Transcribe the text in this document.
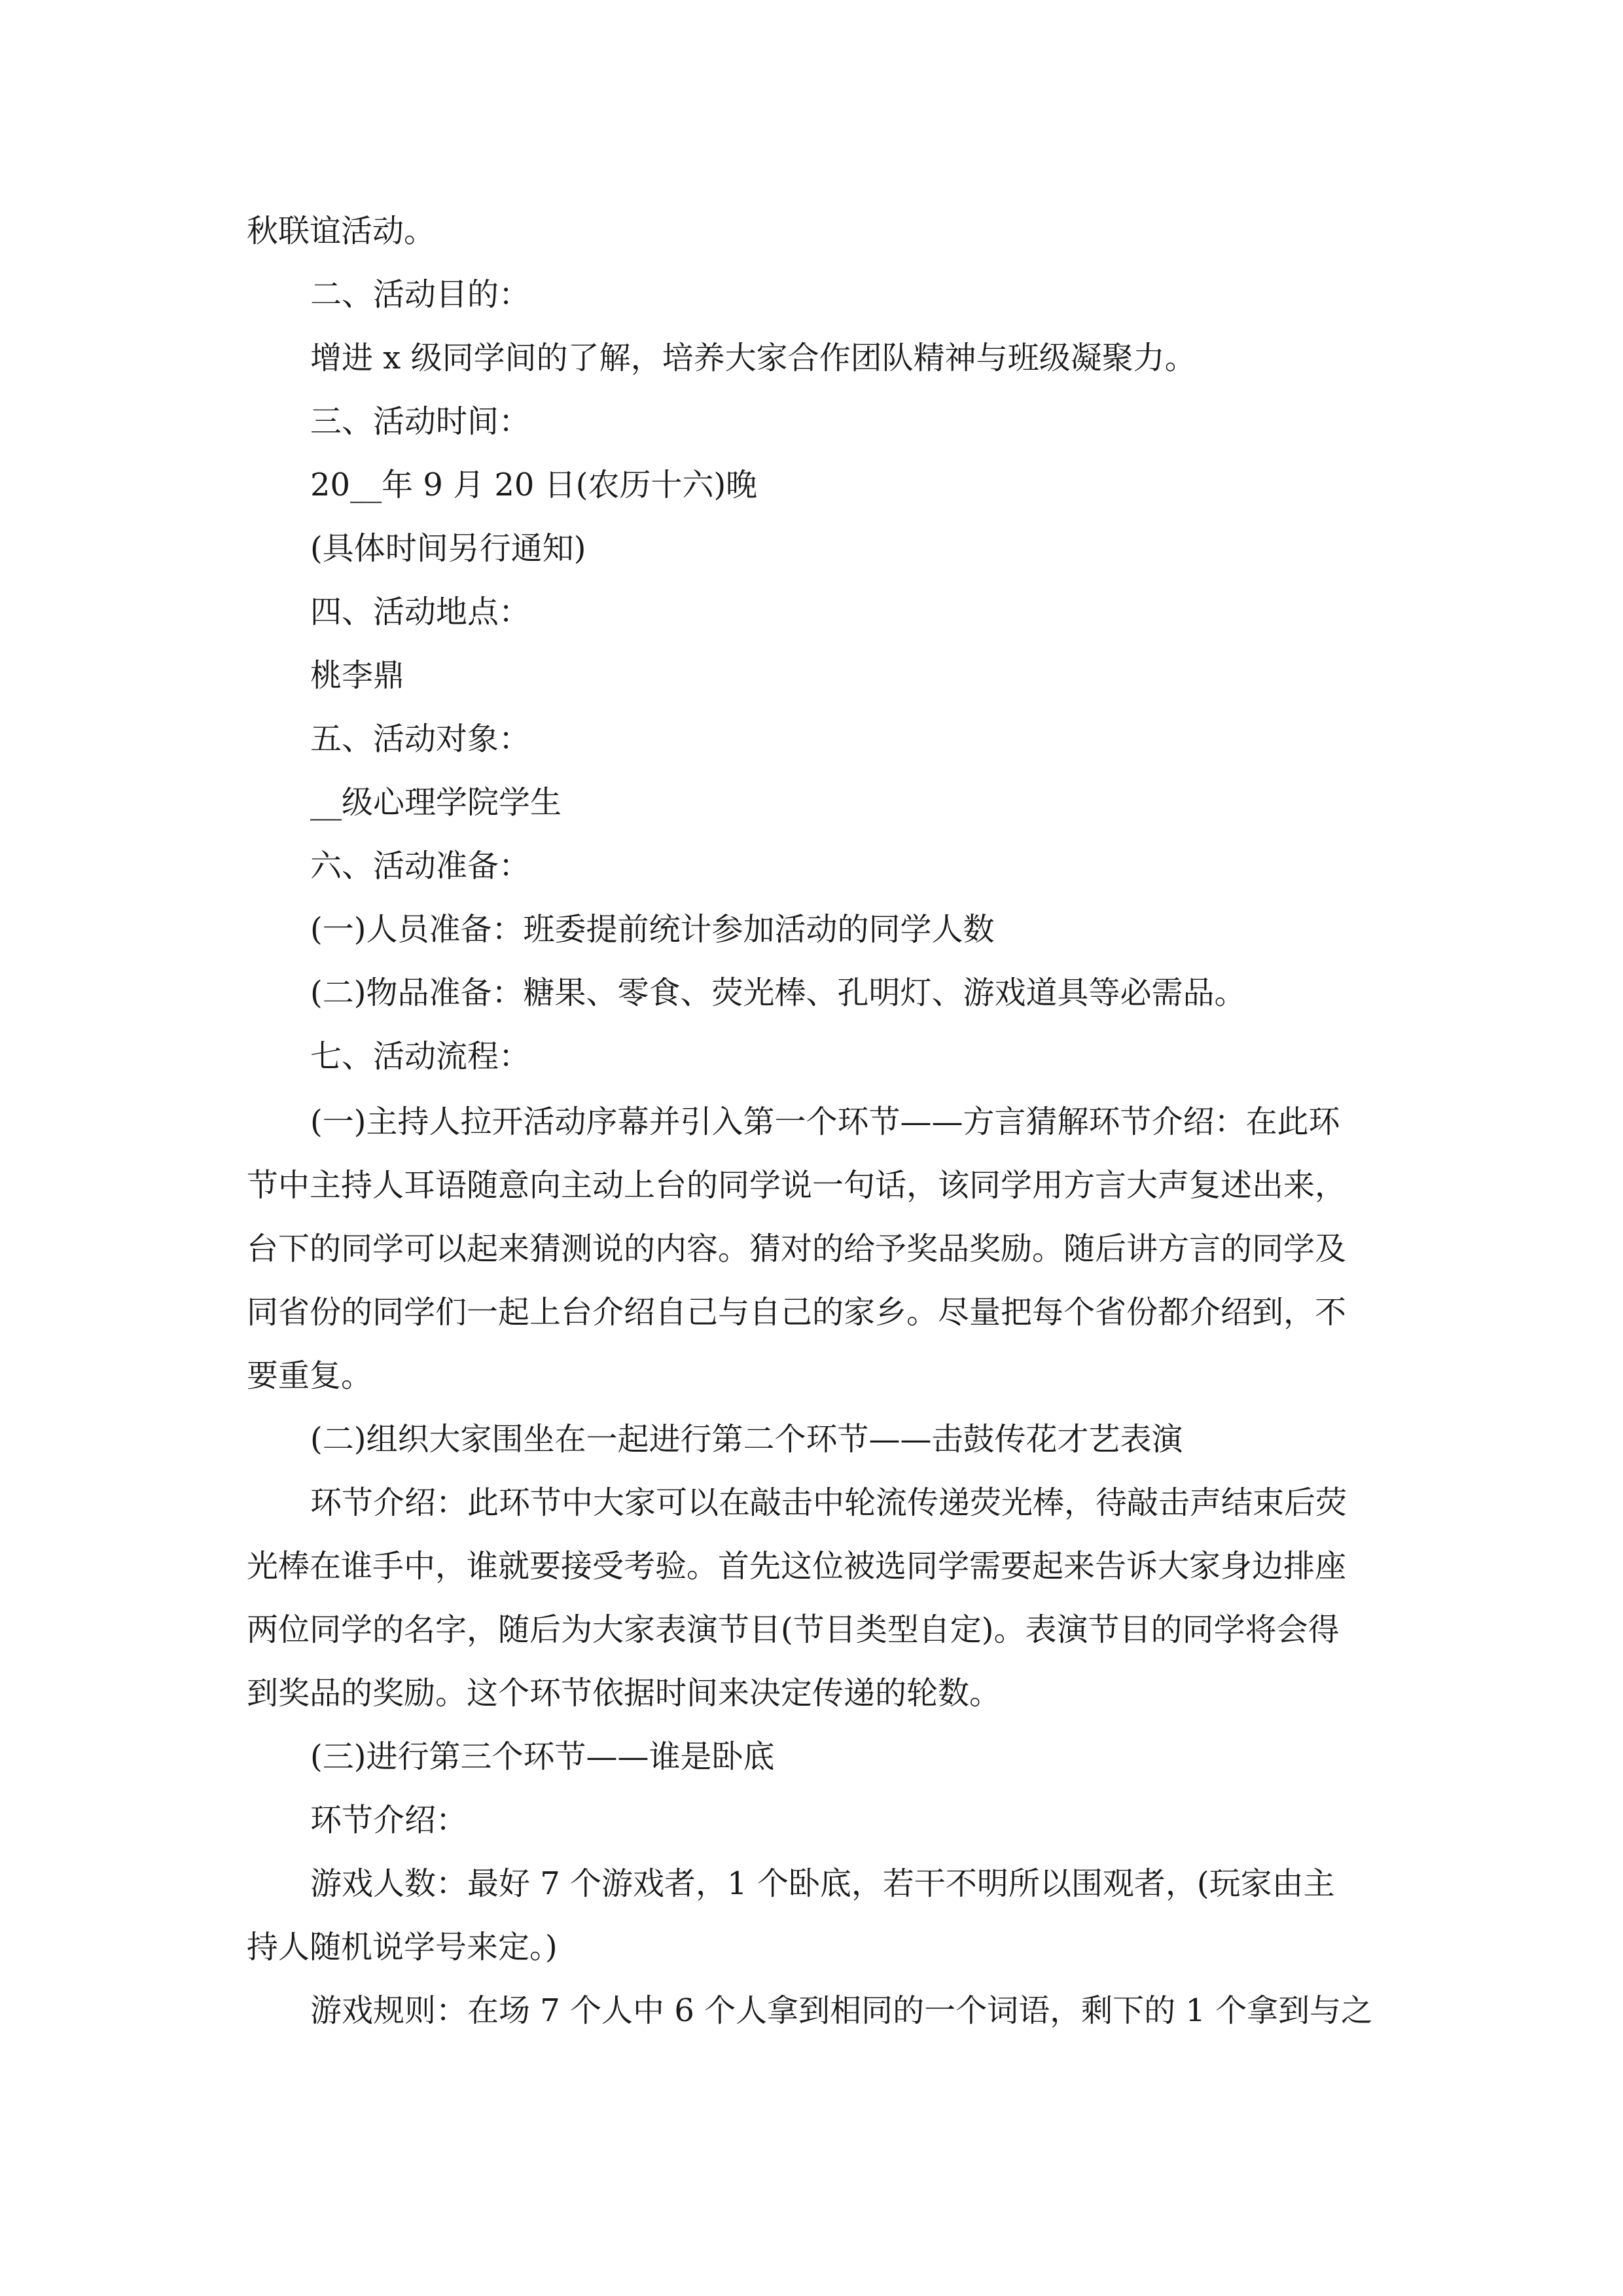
秋联谊活动。

二、活动目的：

增进 x 级同学间的了解，培养大家合作团队精神与班级凝聚力。

三、活动时间：

20__年 9 月 20 日(农历十六)晚

(具体时间另行通知)

四、活动地点：

桃李鼎

五、活动对象：

__级心理学院学生

六、活动准备：

(一)人员准备：班委提前统计参加活动的同学人数

(二)物品准备：糖果、零食、荧光棒、孔明灯、游戏道具等必需品。

七、活动流程：

(一)主持人拉开活动序幕并引入第一个环节——方言猜解环节介绍：在此环

节中主持人耳语随意向主动上台的同学说一句话，该同学用方言大声复述出来，

台下的同学可以起来猜测说的内容。猜对的给予奖品奖励。随后讲方言的同学及

同省份的同学们一起上台介绍自己与自己的家乡。尽量把每个省份都介绍到，不

要重复。

(二)组织大家围坐在一起进行第二个环节——击鼓传花才艺表演

环节介绍：此环节中大家可以在敲击中轮流传递荧光棒，待敲击声结束后荧

光棒在谁手中，谁就要接受考验。首先这位被选同学需要起来告诉大家身边排座

两位同学的名字，随后为大家表演节目(节目类型自定)。表演节目的同学将会得

到奖品的奖励。这个环节依据时间来决定传递的轮数。

(三)进行第三个环节——谁是卧底

环节介绍：

游戏人数：最好 7 个游戏者，1 个卧底，若干不明所以围观者，(玩家由主

持人随机说学号来定。)

游戏规则：在场 7 个人中 6 个人拿到相同的一个词语，剩下的 1 个拿到与之
